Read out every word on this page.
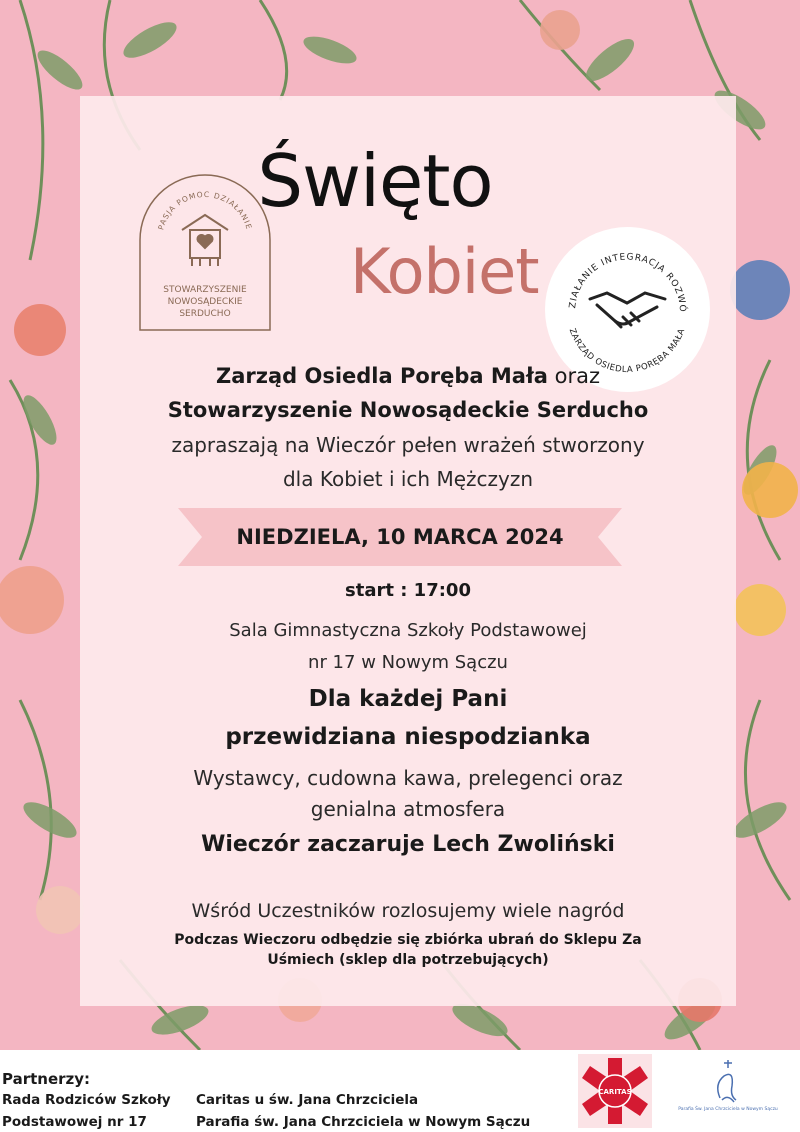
PASJA POMOC DZIAŁANIE
STOWARZYSZENIE
NOWOSĄDECKIE
SERDUCHO
ZIAŁANIE INTEGRACJA ROZWÓ
ZARZĄD OSIEDLA PORĘBA MAŁA
Święto
Kobiet
Zarząd Osiedla Poręba Mała oraz
Stowarzyszenie Nowosądeckie Serducho
zapraszają na Wieczór pełen wrażeń stworzony
dla Kobiet i ich Mężczyzn
NIEDZIELA, 10 MARCA 2024
start : 17:00
Sala Gimnastyczna Szkoły Podstawowej
nr 17 w Nowym Sączu
Dla każdej Pani
przewidziana niespodzianka
Wystawcy, cudowna kawa, prelegenci oraz
genialna atmosfera
Wieczór zaczaruje Lech Zwoliński
Wśród Uczestników rozlosujemy wiele nagród
Podczas Wieczoru odbędzie się zbiórka ubrań do Sklepu Za
Uśmiech (sklep dla potrzebujących)
Partnerzy:
Rada Rodziców Szkoły
Podstawowej nr 17
Caritas u św. Jana Chrzciciela
Parafia św. Jana Chrzciciela w Nowym Sączu
CARITAS
Parafia Św. Jana Chrzciciela w Nowym Sączu
